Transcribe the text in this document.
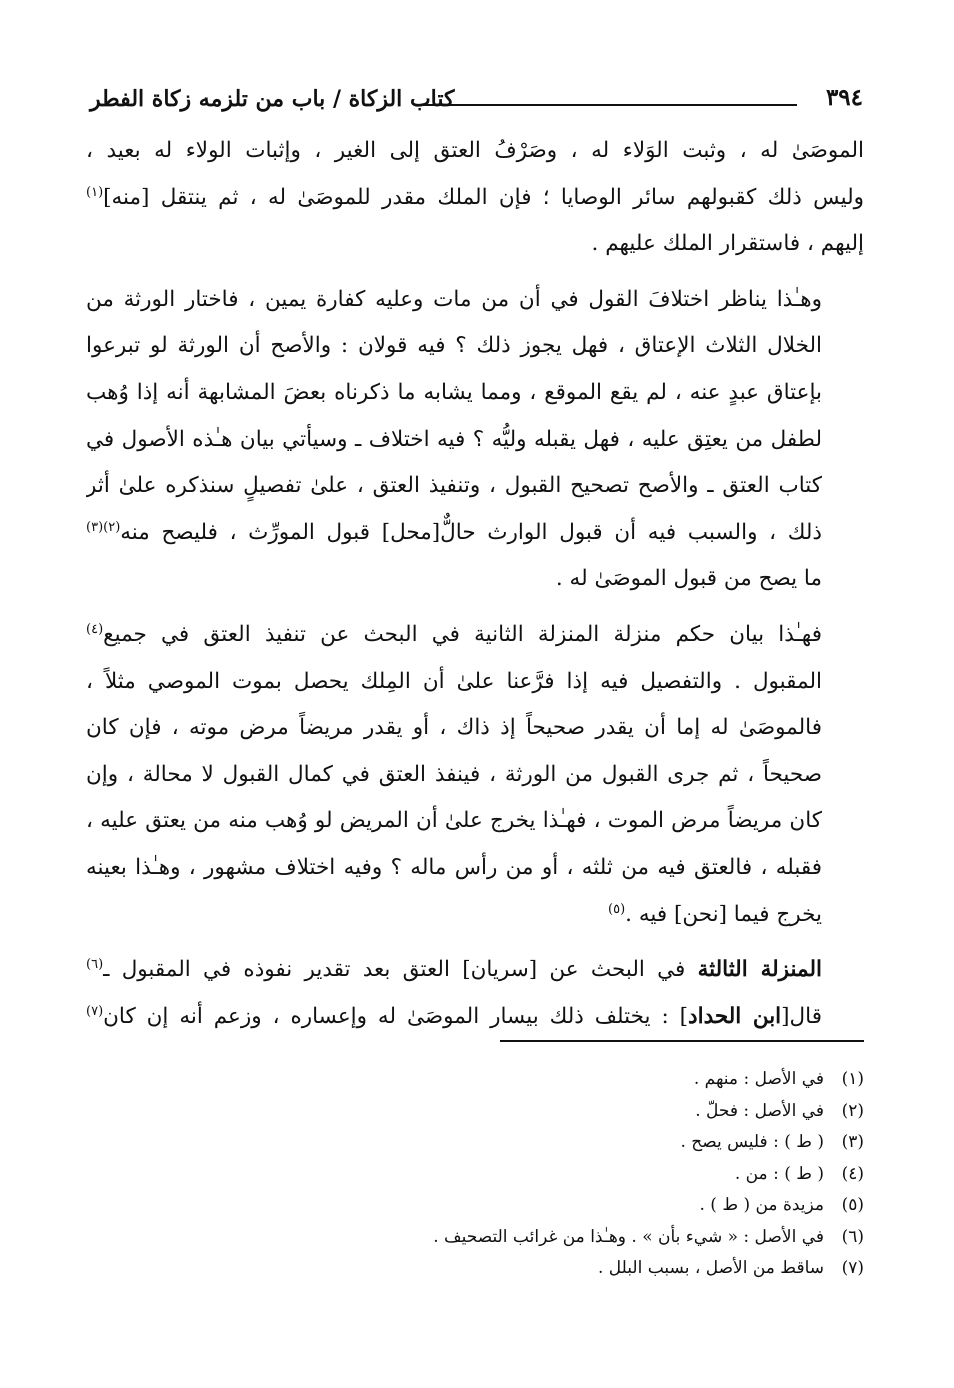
كتاب الزكاة / باب من تلزمه زكاة الفطر	٣٩٤
الموصَىٰ له ، وثبت الوَلاء له ، وصَرْفُ العتق إلى الغير ، وإثبات الولاء له بعيد ،
وليس ذلك كقبولهم سائر الوصايا ؛ فإن الملك مقدر للموصَىٰ له ، ثم ينتقل [منه]$^{(١)}$
إليهم ، فاستقرار الملك عليهم .
وهـٰذا يناظر اختلافَ القول في أن من مات وعليه كفارة يمين ، فاختار الورثة من
الخلال الثلاث الإعتاق ، فهل يجوز ذلك ؟ فيه قولان : والأصح أن الورثة لو تبرعوا
بإعتاق عبدٍ عنه ، لم يقع الموقع ، ومما يشابه ما ذكرناه بعضَ المشابهة أنه إذا وُهب
لطفل من يعتِق عليه ، فهل يقبله وليُّه ؟ فيه اختلاف ـ وسيأتي بيان هـٰذه الأصول في
كتاب العتق ـ والأصح تصحيح القبول ، وتنفيذ العتق ، علىٰ تفصيلٍ سنذكره علىٰ أثر
ذلك ، والسبب فيه أن قبول الوارث حالٌّ[محل] قبول المورِّث ، فليصح منه$^{(٢)(٣)}$
ما يصح من قبول الموصَىٰ له .
فهـٰذا بيان حكم منزلة المنزلة الثانية في البحث عن تنفيذ العتق في جميع$^{(٤)}$
المقبول . والتفصيل فيه إذا فرَّعنا علىٰ أن المِلك يحصل بموت الموصي مثلاً ،
فالموصَىٰ له إما أن يقدر صحيحاً إذ ذاك ، أو يقدر مريضاً مرض موته ، فإن كان
صحيحاً ، ثم جرى القبول من الورثة ، فينفذ العتق في كمال القبول لا محالة ، وإن
كان مريضاً مرض الموت ، فهـٰذا يخرج علىٰ أن المريض لو وُهب منه من يعتق عليه ،
فقبله ، فالعتق فيه من ثلثه ، أو من رأس ماله ؟ وفيه اختلاف مشهور ، وهـٰذا بعينه
يخرج فيما [نحن] فيه .$^{(٥)}$
المنزلة الثالثة في البحث عن [سريان] العتق بعد تقدير نفوذه في المقبول ـ$^{(٦)}$
قال[ابن الحداد] : يختلف ذلك بيسار الموصَىٰ له وإعساره ، وزعم أنه إن كان$^{(٧)}$
(١)في الأصل : منهم .
(٢)في الأصل : فحلّ .
(٣)( ط ) : فليس يصح .
(٤)( ط ) : من .
(٥)مزيدة من ( ط ) .
(٦)في الأصل : « شيء بأن » . وهـٰذا من غرائب التصحيف .
(٧)ساقط من الأصل ، بسبب البلل .
